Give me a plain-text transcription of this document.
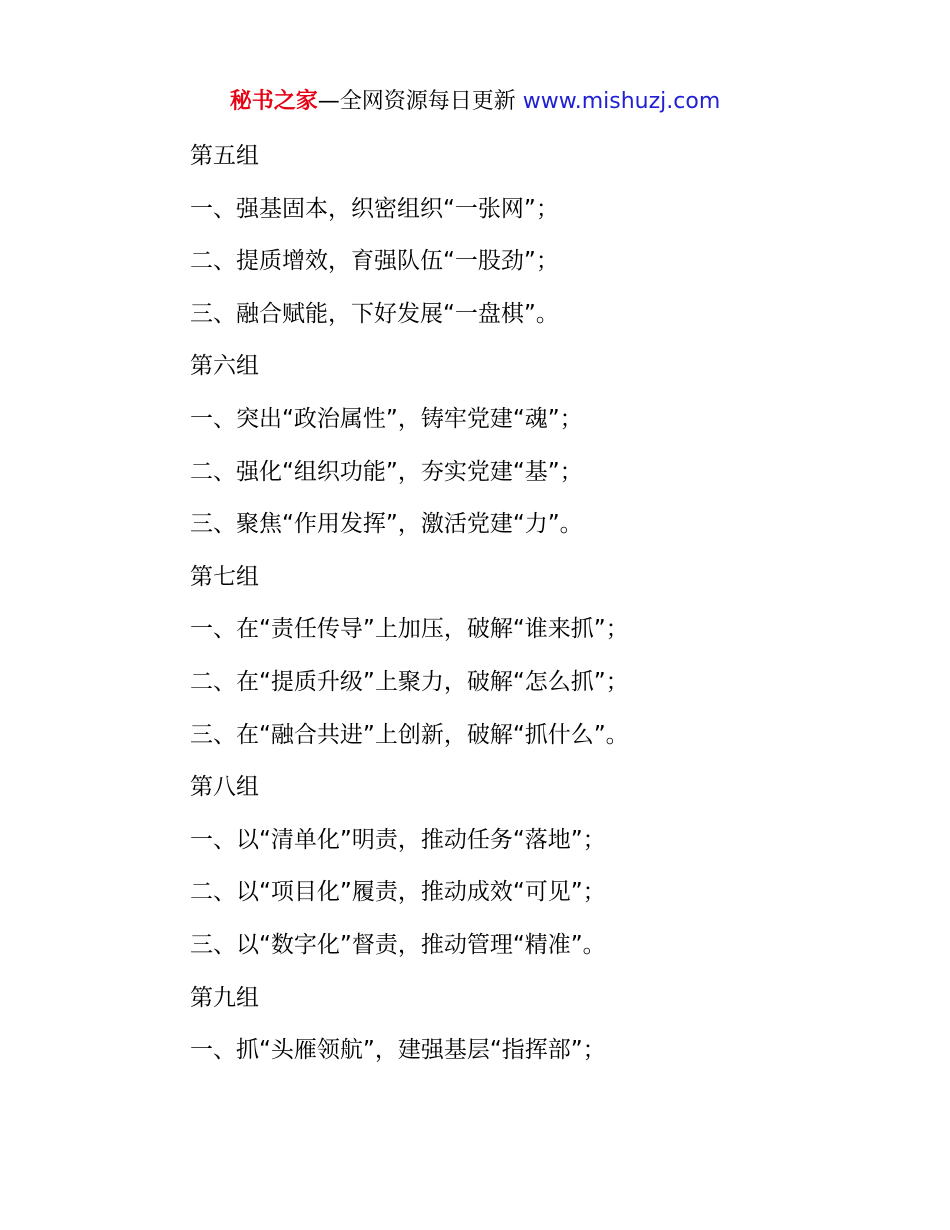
秘书之家—全网资源每日更新 www.mishuzj.com
第五组
一、强基固本，织密组织“一张网”；
二、提质增效，育强队伍“一股劲”；
三、融合赋能，下好发展“一盘棋”。
第六组
一、突出“政治属性”，铸牢党建“魂”；
二、强化“组织功能”，夯实党建“基”；
三、聚焦“作用发挥”，激活党建“力”。
第七组
一、在“责任传导”上加压，破解“谁来抓”；
二、在“提质升级”上聚力，破解“怎么抓”；
三、在“融合共进”上创新，破解“抓什么”。
第八组
一、以“清单化”明责，推动任务“落地”；
二、以“项目化”履责，推动成效“可见”；
三、以“数字化”督责，推动管理“精准”。
第九组
一、抓“头雁领航”，建强基层“指挥部”；
